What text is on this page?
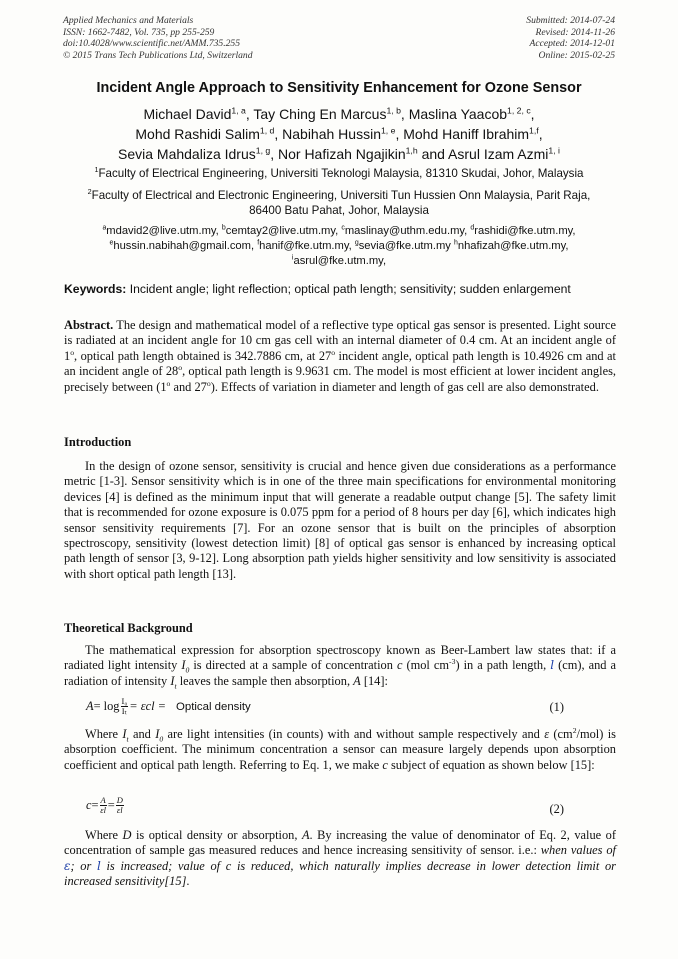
Applied Mechanics and Materials
ISSN: 1662-7482, Vol. 735, pp 255-259
doi:10.4028/www.scientific.net/AMM.735.255
© 2015 Trans Tech Publications Ltd, Switzerland
Submitted: 2014-07-24
Revised: 2014-11-26
Accepted: 2014-12-01
Online: 2015-02-25
Incident Angle Approach to Sensitivity Enhancement for Ozone Sensor
Michael David$^{1, a}$, Tay Ching En Marcus$^{1, b}$, Maslina Yaacob$^{1, 2, c}$,
Mohd Rashidi Salim$^{1, d}$, Nabihah Hussin$^{1, e}$, Mohd Haniff Ibrahim$^{1,f}$,
Sevia Mahdaliza Idrus$^{1, g}$, Nor Hafizah Ngajikin$^{1,h}$ and Asrul Izam Azmi$^{1, i}$
$^1$Faculty of Electrical Engineering, Universiti Teknologi Malaysia, 81310 Skudai, Johor, Malaysia
$^2$Faculty of Electrical and Electronic Engineering, Universiti Tun Hussien Onn Malaysia, Parit Raja,
86400 Batu Pahat, Johor, Malaysia
$^a$mdavid2@live.utm.my, $^b$cemtay2@live.utm.my, $^c$maslinay@uthm.edu.my, $^d$rashidi@fke.utm.my,
$^e$hussin.nabihah@gmail.com, $^f$hanif@fke.utm.my, $^g$sevia@fke.utm.my $^h$nhafizah@fke.utm.my,
$^i$asrul@fke.utm.my,
Keywords: Incident angle; light reflection; optical path length; sensitivity; sudden enlargement

Abstract. The design and mathematical model of a reflective type optical gas sensor is presented. Light source is radiated at an incident angle for 10 cm gas cell with an internal diameter of 0.4 cm. At an incident angle of 1$^o$, optical path length obtained is 342.7886 cm, at 27$^o$ incident angle, optical path length is 10.4926 cm and at an incident angle of 28$^o$, optical path length is 9.9631 cm. The model is most efficient at lower incident angles, precisely between (1$^o$ and 27$^o$). Effects of variation in diameter and length of gas cell are also demonstrated.

Introduction

In the design of ozone sensor, sensitivity is crucial and hence given due considerations as a performance metric [1-3]. Sensor sensitivity which is in one of the three main specifications for environmental monitoring devices [4] is defined as the minimum input that will generate a readable output change [5]. The safety limit that is recommended for ozone exposure is 0.075 ppm for a period of 8 hours per day [6], which indicates high sensor sensitivity requirements [7]. For an ozone sensor that is built on the principles of absorption spectroscopy, sensitivity (lowest detection limit) [8] of optical gas sensor is enhanced by increasing optical path length of sensor [3, 9-12]. Long absorption path yields higher sensitivity and low sensitivity is associated with short optical path length [13].

Theoretical Background

The mathematical expression for absorption spectroscopy known as Beer-Lambert law states that: if a radiated light intensity $I_0$ is directed at a sample of concentration c (mol $cm^{-3}$) in a path length, l (cm), and a radiation of intensity $I_t$ leaves the sample then absorption, A [14]:

$A = \log \frac{\text{I₀}}{\text{Iₜ}} = \varepsilon cl$ = Optical density	(1)

Where $I_t$ and $I_0$ are light intensities (in counts) with and without sample respectively and ε $(cm^2/mol)$ is absorption coefficient. The minimum concentration a sensor can measure largely depends upon absorption coefficient and optical path length. Referring to Eq. 1, we make c subject of equation as shown below [15]:

$c = \frac{A}{\varepsilon l} = \frac{D}{\varepsilon l}$	(2)

Where D is optical density or absorption, A. By increasing the value of denominator of Eq. 2, value of concentration of sample gas measured reduces and hence increasing sensitivity of sensor. i.e.: when values of ε; or l is increased; value of c is reduced, which naturally implies decrease in lower detection limit or increased sensitivity[15].
